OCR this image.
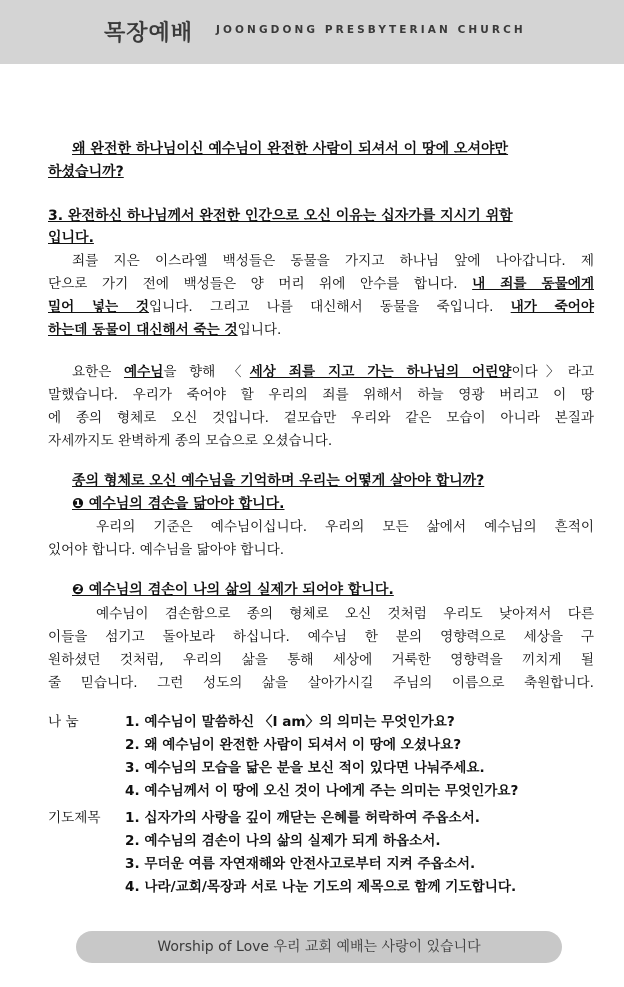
목장예배 JOONGDONG PRESBYTERIAN CHURCH
왜 완전한 하나님이신 예수님이 완전한 사람이 되셔서 이 땅에 오셔야만
하셨습니까?
3. 완전하신 하나님께서 완전한 인간으로 오신 이유는 십자가를 지시기 위함
입니다.
죄를 지은 이스라엘 백성들은 동물을 가지고 하나님 앞에 나아갑니다. 제
단으로 가기 전에 백성들은 양 머리 위에 안수를 합니다. 내 죄를 동물에게
밀어 넣는 것입니다. 그리고 나를 대신해서 동물을 죽입니다. 내가 죽어야
하는데 동물이 대신해서 죽는 것입니다.
요한은 예수님을 향해 〈세상 죄를 지고 가는 하나님의 어린양이다〉라고
말했습니다. 우리가 죽어야 할 우리의 죄를 위해서 하늘 영광 버리고 이 땅
에 종의 형체로 오신 것입니다. 겉모습만 우리와 같은 모습이 아니라 본질과
자세까지도 완벽하게 종의 모습으로 오셨습니다.
종의 형체로 오신 예수님을 기억하며 우리는 어떻게 살아야 합니까?
❶ 예수님의 겸손을 닮아야 합니다.
우리의 기준은 예수님이십니다. 우리의 모든 삶에서 예수님의 흔적이
있어야 합니다. 예수님을 닮아야 합니다.
❷ 예수님의 겸손이 나의 삶의 실제가 되어야 합니다.
예수님이 겸손함으로 종의 형체로 오신 것처럼 우리도 낮아져서 다른
이들을 섬기고 돌아보라 하십니다. 예수님 한 분의 영향력으로 세상을 구
원하셨던 것처럼, 우리의 삶을 통해 세상에 거룩한 영향력을 끼치게 될
줄 믿습니다. 그런 성도의 삶을 살아가시길 주님의 이름으로 축원합니다.
나 눔	1. 예수님이 말씀하신 〈I am〉의 의미는 무엇인가요?
2. 왜 예수님이 완전한 사람이 되셔서 이 땅에 오셨나요?
3. 예수님의 모습을 닮은 분을 보신 적이 있다면 나눠주세요.
4. 예수님께서 이 땅에 오신 것이 나에게 주는 의미는 무엇인가요?
기도제목 1. 십자가의 사랑을 깊이 깨닫는 은혜를 허락하여 주옵소서.
2. 예수님의 겸손이 나의 삶의 실제가 되게 하옵소서.
3. 무더운 여름 자연재해와 안전사고로부터 지켜 주옵소서.
4. 나라/교회/목장과 서로 나눈 기도의 제목으로 함께 기도합니다.
Worship of Love 우리 교회 예배는 사랑이 있습니다
